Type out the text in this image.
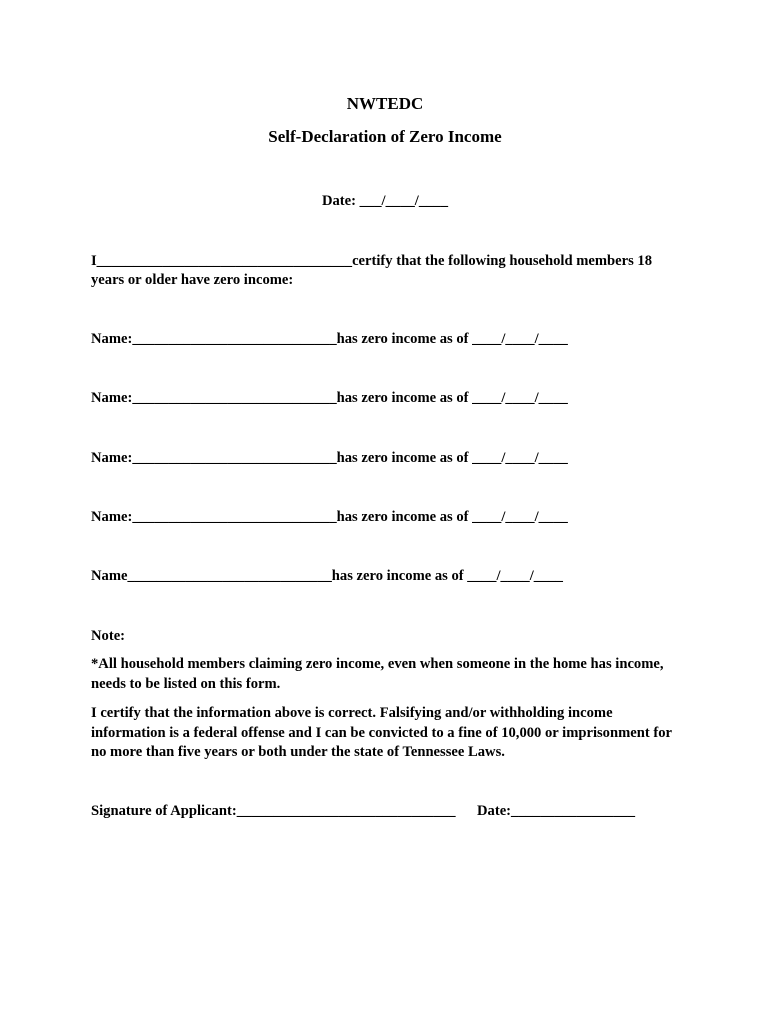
NWTEDC
Self-Declaration of Zero Income
Date: ___/____/____
I___________________________________certify that the following household members 18
years or older have zero income:
Name:____________________________has zero income as of ____/____/____
Name:____________________________has zero income as of ____/____/____
Name:____________________________has zero income as of ____/____/____
Name:____________________________has zero income as of ____/____/____
Name____________________________has zero income as of ____/____/____
Note:
*All household members claiming zero income, even when someone in the home has income, needs to be listed on this form.
I certify that the information above is correct. Falsifying and/or withholding income information is a federal offense and I can be convicted to a fine of 10,000 or imprisonment for no more than five years or both under the state of Tennessee Laws.
Signature of Applicant:______________________________ Date:_________________
